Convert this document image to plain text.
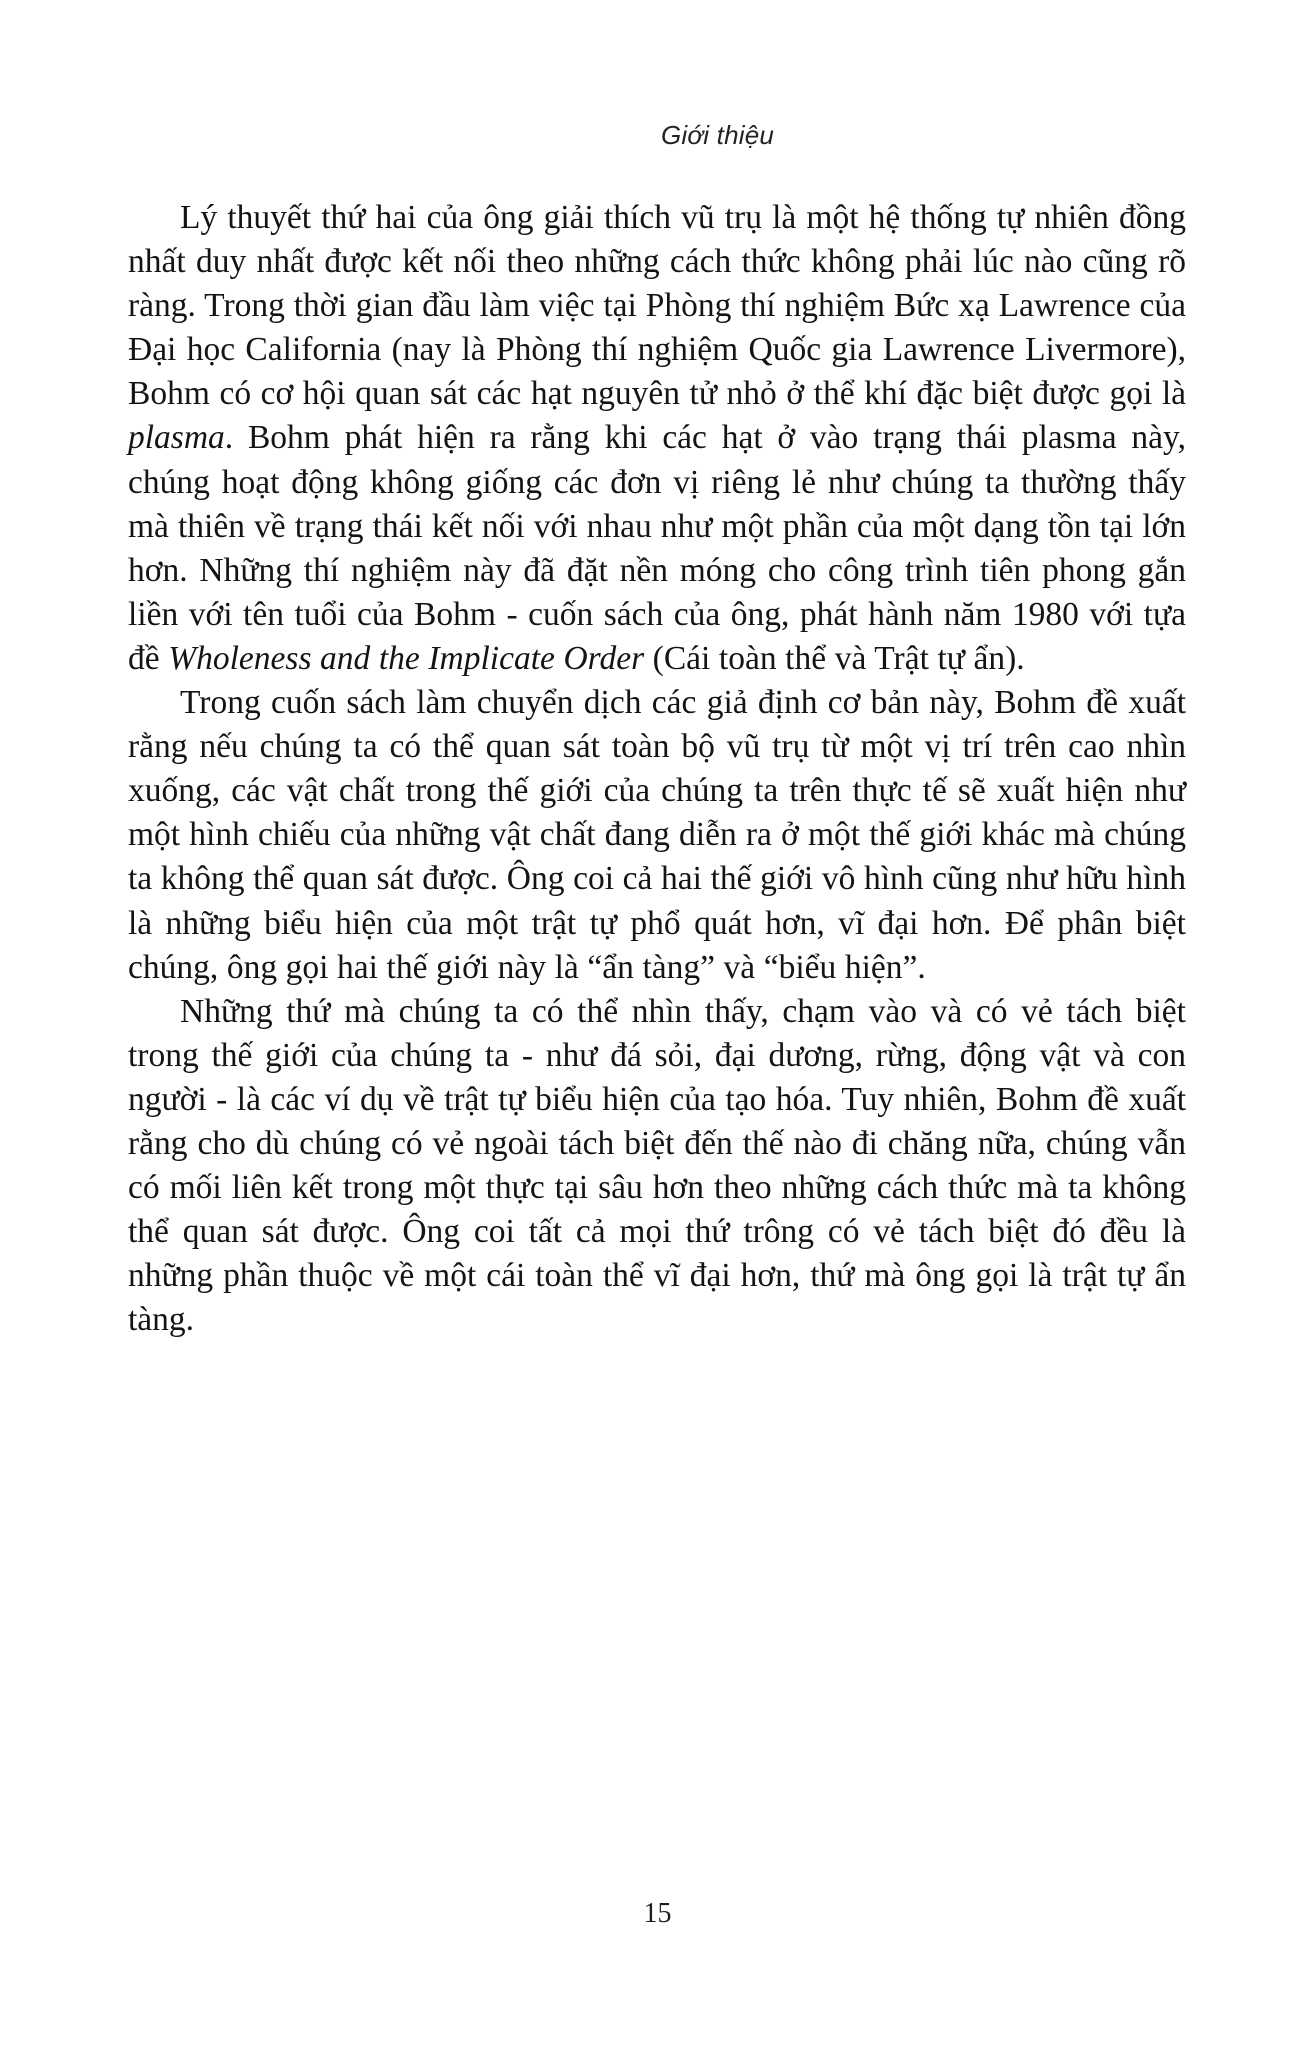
Giới thiệu

Lý thuyết thứ hai của ông giải thích vũ trụ là một hệ thống tự nhiên đồng nhất duy nhất được kết nối theo những cách thức không phải lúc nào cũng rõ ràng. Trong thời gian đầu làm việc tại Phòng thí nghiệm Bức xạ Lawrence của Đại học California (nay là Phòng thí nghiệm Quốc gia Lawrence Livermore), Bohm có cơ hội quan sát các hạt nguyên tử nhỏ ở thể khí đặc biệt được gọi là plasma. Bohm phát hiện ra rằng khi các hạt ở vào trạng thái plasma này, chúng hoạt động không giống các đơn vị riêng lẻ như chúng ta thường thấy mà thiên về trạng thái kết nối với nhau như một phần của một dạng tồn tại lớn hơn. Những thí nghiệm này đã đặt nền móng cho công trình tiên phong gắn liền với tên tuổi của Bohm - cuốn sách của ông, phát hành năm 1980 với tựa đề Wholeness and the Implicate Order (Cái toàn thể và Trật tự ẩn).

Trong cuốn sách làm chuyển dịch các giả định cơ bản này, Bohm đề xuất rằng nếu chúng ta có thể quan sát toàn bộ vũ trụ từ một vị trí trên cao nhìn xuống, các vật chất trong thế giới của chúng ta trên thực tế sẽ xuất hiện như một hình chiếu của những vật chất đang diễn ra ở một thế giới khác mà chúng ta không thể quan sát được. Ông coi cả hai thế giới vô hình cũng như hữu hình là những biểu hiện của một trật tự phổ quát hơn, vĩ đại hơn. Để phân biệt chúng, ông gọi hai thế giới này là “ẩn tàng” và “biểu hiện”.

Những thứ mà chúng ta có thể nhìn thấy, chạm vào và có vẻ tách biệt trong thế giới của chúng ta - như đá sỏi, đại dương, rừng, động vật và con người - là các ví dụ về trật tự biểu hiện của tạo hóa. Tuy nhiên, Bohm đề xuất rằng cho dù chúng có vẻ ngoài tách biệt đến thế nào đi chăng nữa, chúng vẫn có mối liên kết trong một thực tại sâu hơn theo những cách thức mà ta không thể quan sát được. Ông coi tất cả mọi thứ trông có vẻ tách biệt đó đều là những phần thuộc về một cái toàn thể vĩ đại hơn, thứ mà ông gọi là trật tự ẩn tàng.

15
